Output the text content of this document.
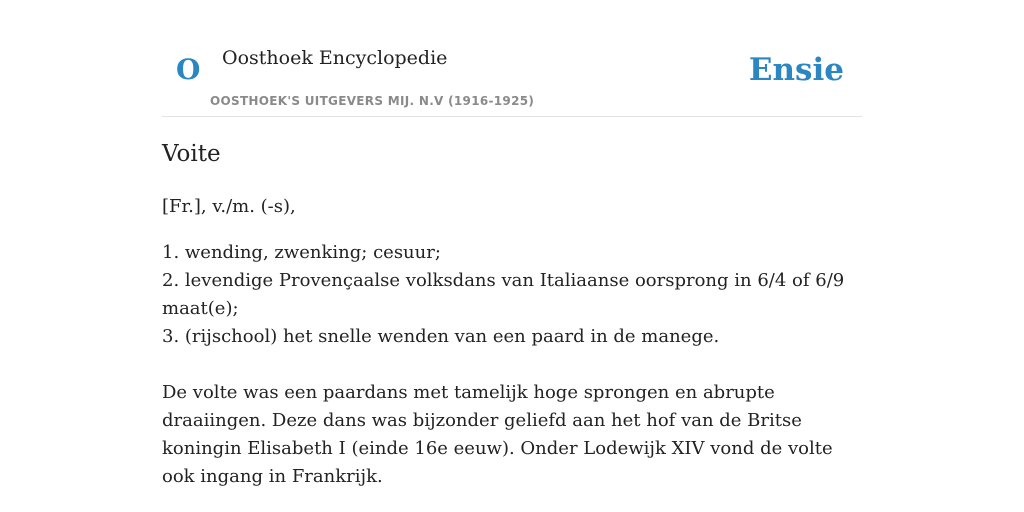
O Oosthoek Encyclopedie
OOSTHOEK'S UITGEVERS MIJ. N.V (1916-1925)
Ensie
Voite

[Fr.], v./m. (-s),

1. wending, zwenking; cesuur;
2. levendige Provençaalse volksdans van Italiaanse oorsprong in 6/4 of 6/9 maat(e);
3. (rijschool) het snelle wenden van een paard in de manege.

De volte was een paardans met tamelijk hoge sprongen en abrupte draaiingen. Deze dans was bijzonder geliefd aan het hof van de Britse koningin Elisabeth I (einde 16e eeuw). Onder Lodewijk XIV vond de volte ook ingang in Frankrijk.
